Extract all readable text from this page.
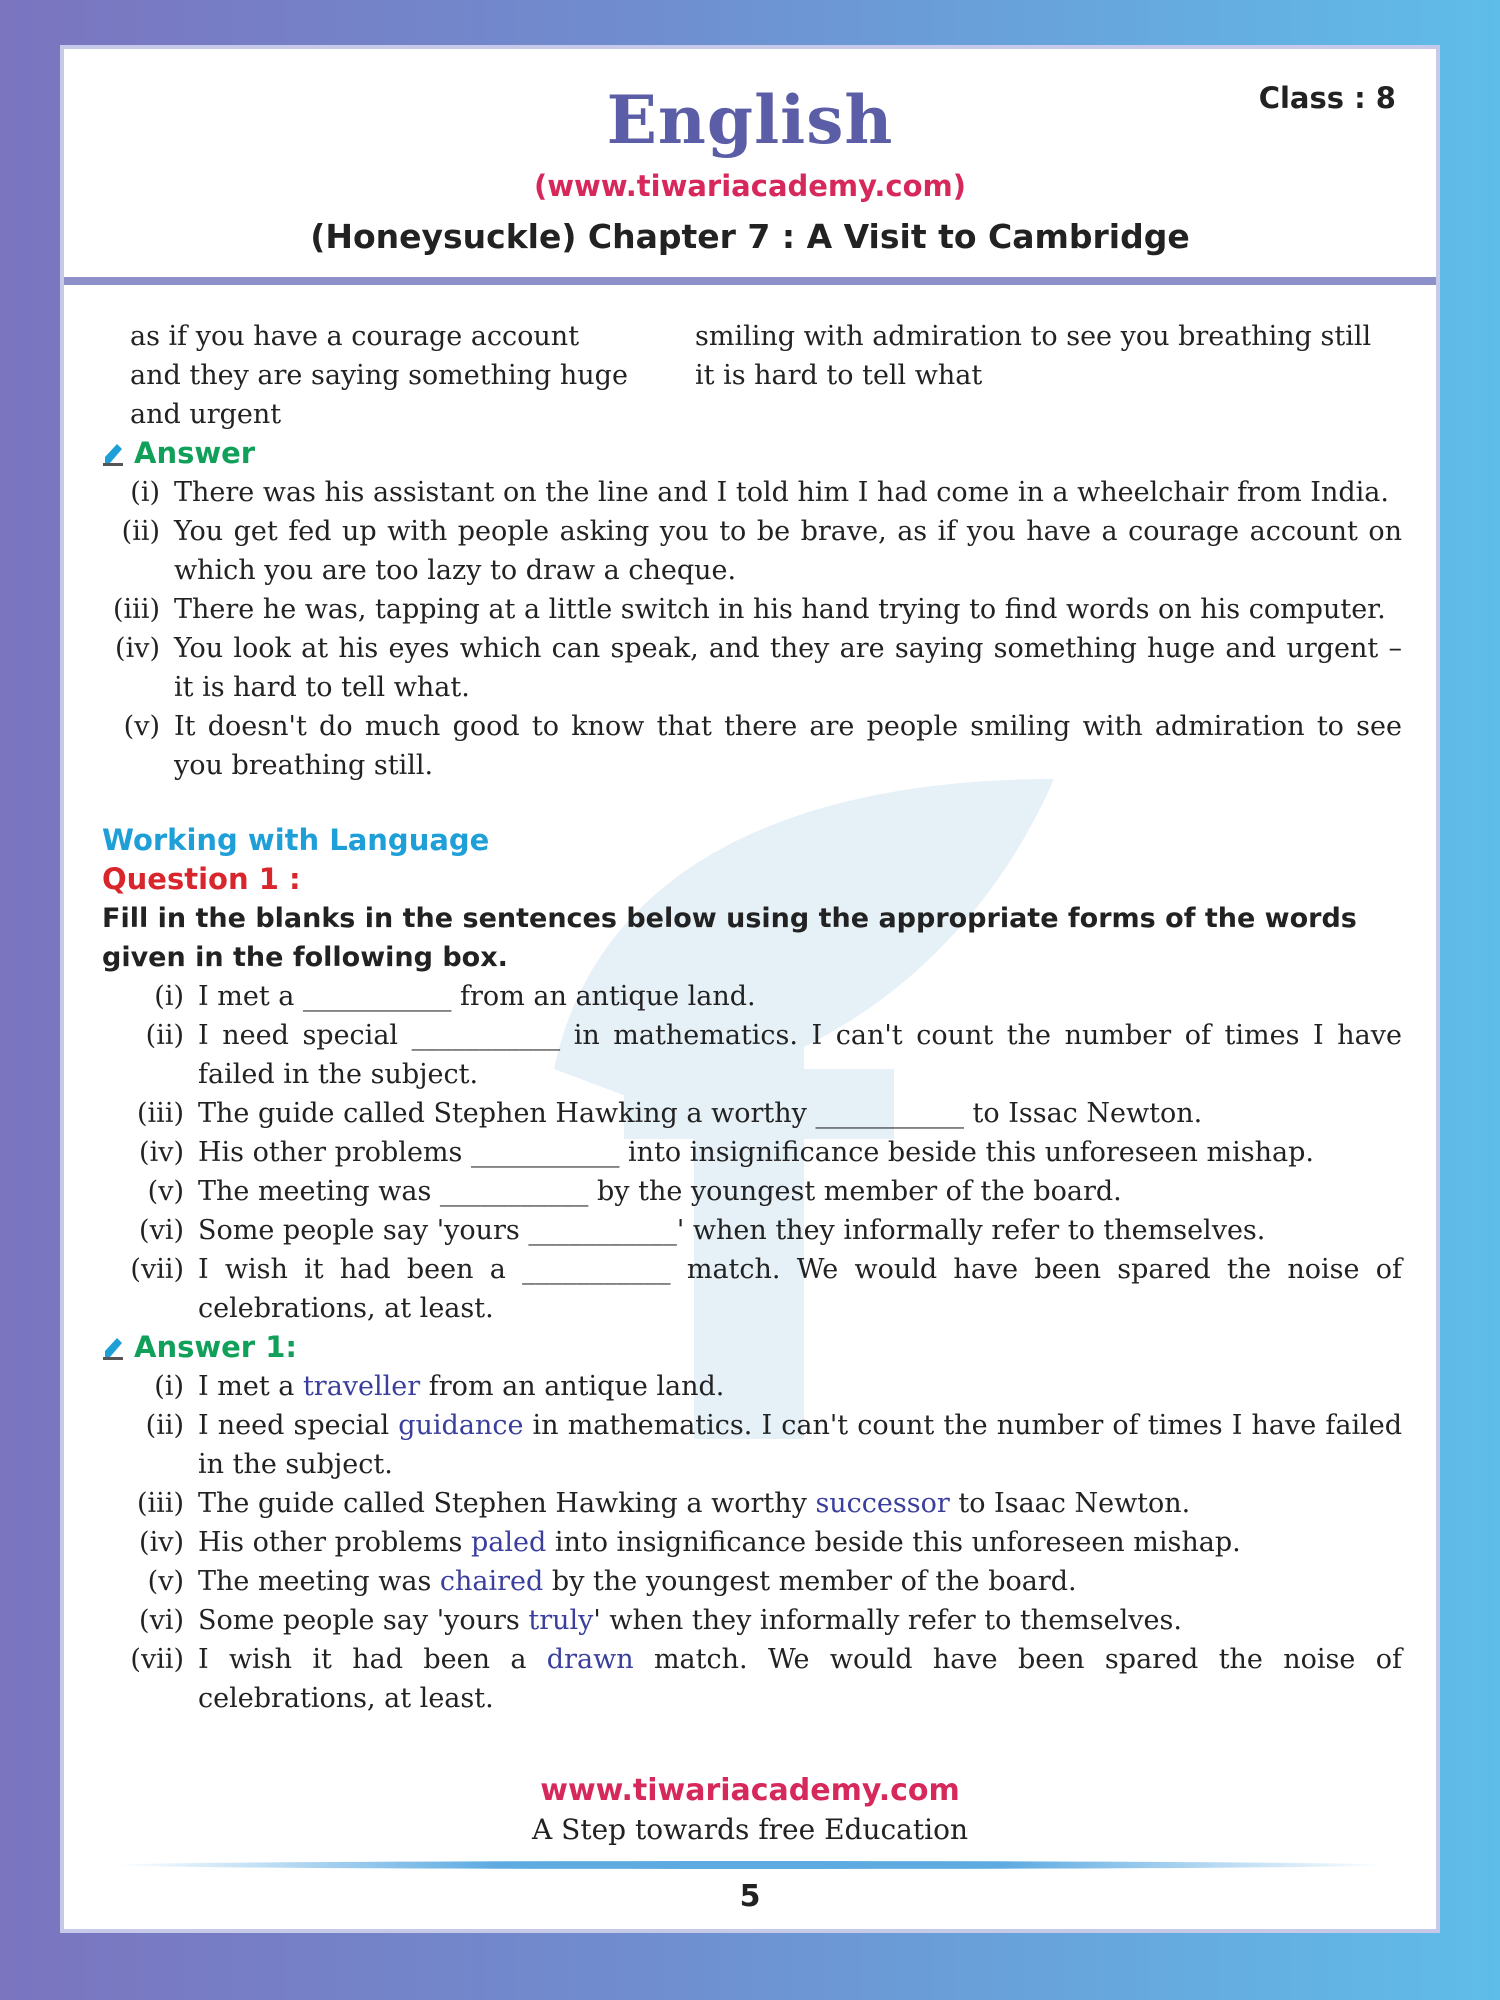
English	Class : 8
(www.tiwariacademy.com)
(Honeysuckle) Chapter 7 : A Visit to Cambridge
as if you have a courage account
and they are saying something huge
and urgent
smiling with admiration to see you breathing still
it is hard to tell what
Answer
(i) There was his assistant on the line and I told him I had come in a wheelchair from India.
(ii) You get fed up with people asking you to be brave, as if you have a courage account on which you are too lazy to draw a cheque.
(iii) There he was, tapping at a little switch in his hand trying to find words on his computer.
(iv) You look at his eyes which can speak, and they are saying something huge and urgent – it is hard to tell what.
(v) It doesn't do much good to know that there are people smiling with admiration to see you breathing still.
Working with Language
Question 1 :
Fill in the blanks in the sentences below using the appropriate forms of the words given in the following box.
(i) I met a ___________ from an antique land.
(ii) I need special ___________ in mathematics. I can't count the number of times I have failed in the subject.
(iii) The guide called Stephen Hawking a worthy ___________ to Issac Newton.
(iv) His other problems ___________ into insignificance beside this unforeseen mishap.
(v) The meeting was ___________ by the youngest member of the board.
(vi) Some people say 'yours ___________' when they informally refer to themselves.
(vii) I wish it had been a ___________ match. We would have been spared the noise of celebrations, at least.
Answer 1:
(i) I met a traveller from an antique land.
(ii) I need special guidance in mathematics. I can't count the number of times I have failed in the subject.
(iii) The guide called Stephen Hawking a worthy successor to Isaac Newton.
(iv) His other problems paled into insignificance beside this unforeseen mishap.
(v) The meeting was chaired by the youngest member of the board.
(vi) Some people say 'yours truly' when they informally refer to themselves.
(vii) I wish it had been a drawn match. We would have been spared the noise of celebrations, at least.
www.tiwariacademy.com
A Step towards free Education
5
